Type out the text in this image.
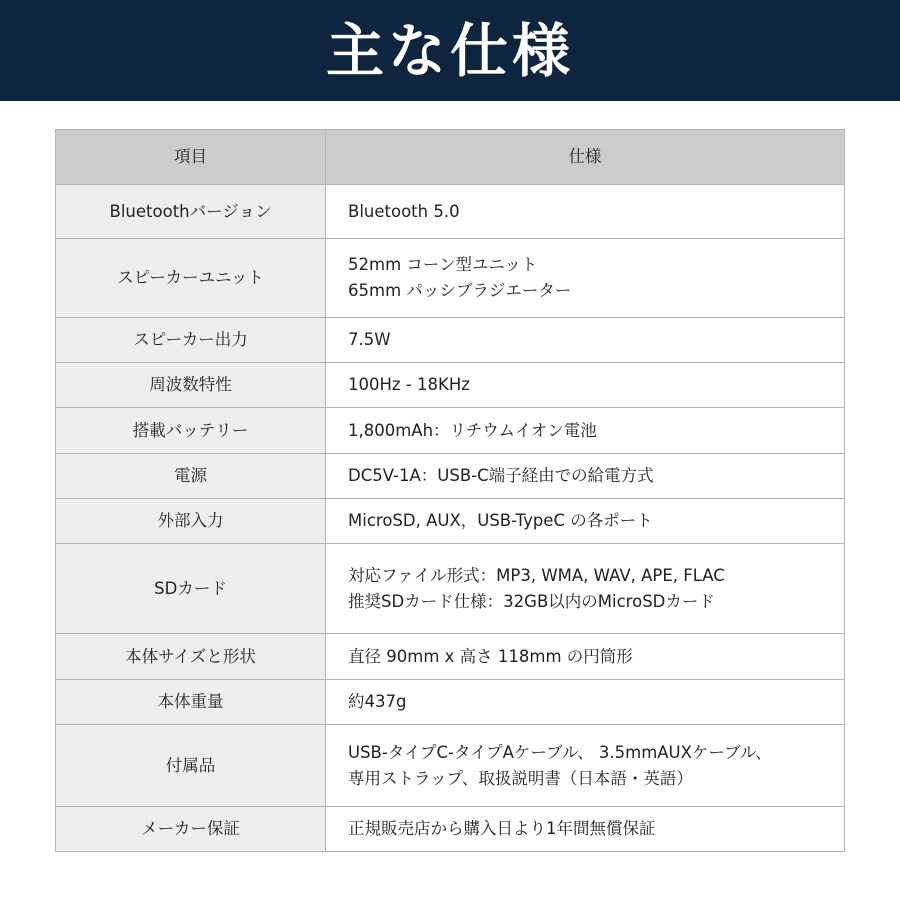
主な仕様
項目	仕様
Bluetoothバージョン	Bluetooth 5.0

スピーカーユニット	52mm コーン型ユニット
65mm パッシブラジエーター

スピーカー出力	7.5W

周波数特性	100Hz - 18KHz

搭載バッテリー	1,800mAh：リチウムイオン電池

電源	DC5V-1A：USB-C端子経由での給電方式

外部入力	MicroSD, AUX，USB-TypeC の各ポート

SDカード	対応ファイル形式：MP3, WMA, WAV, APE, FLAC
推奨SDカード仕様：32GB以内のMicroSDカード

本体サイズと形状	直径 90mm x 高さ 118mm の円筒形

本体重量	約437g

付属品	USB-タイプC-タイプAケーブル、 3.5mmAUXケーブル、
専用ストラップ、取扱説明書（日本語・英語）

メーカー保証	正規販売店から購入日より1年間無償保証
